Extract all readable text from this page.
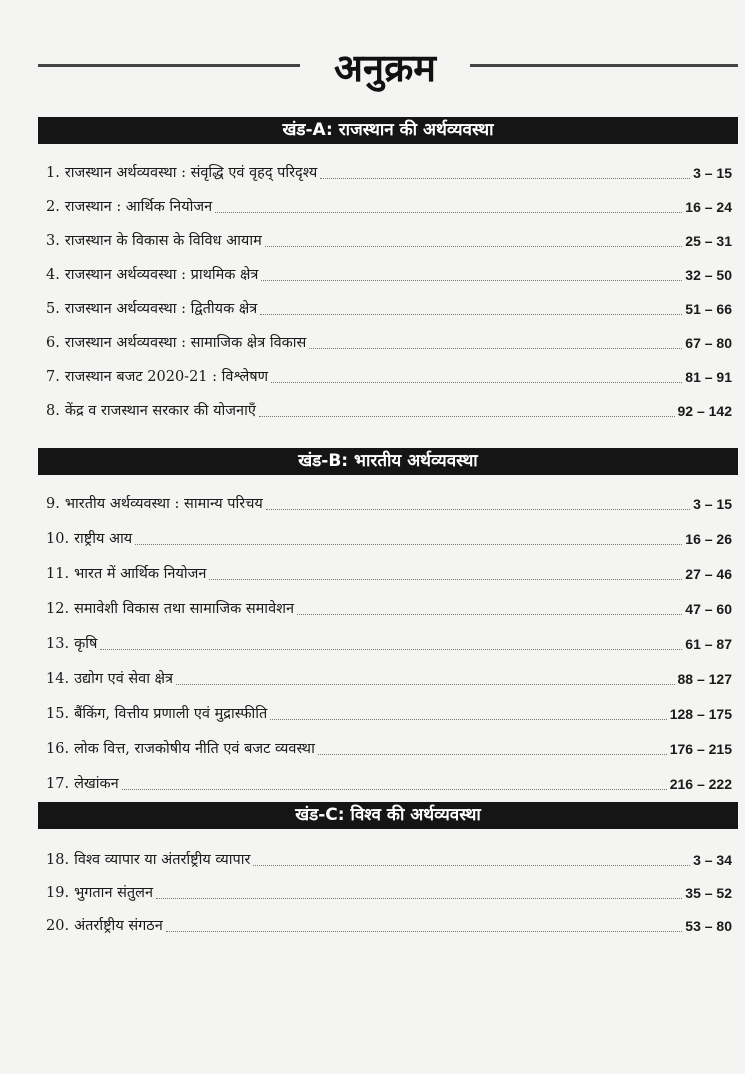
अनुक्रम
खंड-A: राजस्थान की अर्थव्यवस्था
1. राजस्थान अर्थव्यवस्था : संवृद्धि एवं वृहद् परिदृश्य	3 – 15
2. राजस्थान : आर्थिक नियोजन	16 – 24
3. राजस्थान के विकास के विविध आयाम	25 – 31
4. राजस्थान अर्थव्यवस्था : प्राथमिक क्षेत्र	32 – 50
5. राजस्थान अर्थव्यवस्था : द्वितीयक क्षेत्र	51 – 66
6. राजस्थान अर्थव्यवस्था : सामाजिक क्षेत्र विकास	67 – 80
7. राजस्थान बजट 2020-21 : विश्लेषण	81 – 91
8. केंद्र व राजस्थान सरकार की योजनाएँ	92 – 142
खंड-B: भारतीय अर्थव्यवस्था
9. भारतीय अर्थव्यवस्था : सामान्य परिचय	3 – 15
10. राष्ट्रीय आय	16 – 26
11. भारत में आर्थिक नियोजन	27 – 46
12. समावेशी विकास तथा सामाजिक समावेशन	47 – 60
13. कृषि	61 – 87
14. उद्योग एवं सेवा क्षेत्र	88 – 127
15. बैंकिंग, वित्तीय प्रणाली एवं मुद्रास्फीति	128 – 175
16. लोक वित्त, राजकोषीय नीति एवं बजट व्यवस्था	176 – 215
17. लेखांकन	216 – 222
खंड-C: विश्व की अर्थव्यवस्था
18. विश्व व्यापार या अंतर्राष्ट्रीय व्यापार	3 – 34
19. भुगतान संतुलन	35 – 52
20. अंतर्राष्ट्रीय संगठन	53 – 80
